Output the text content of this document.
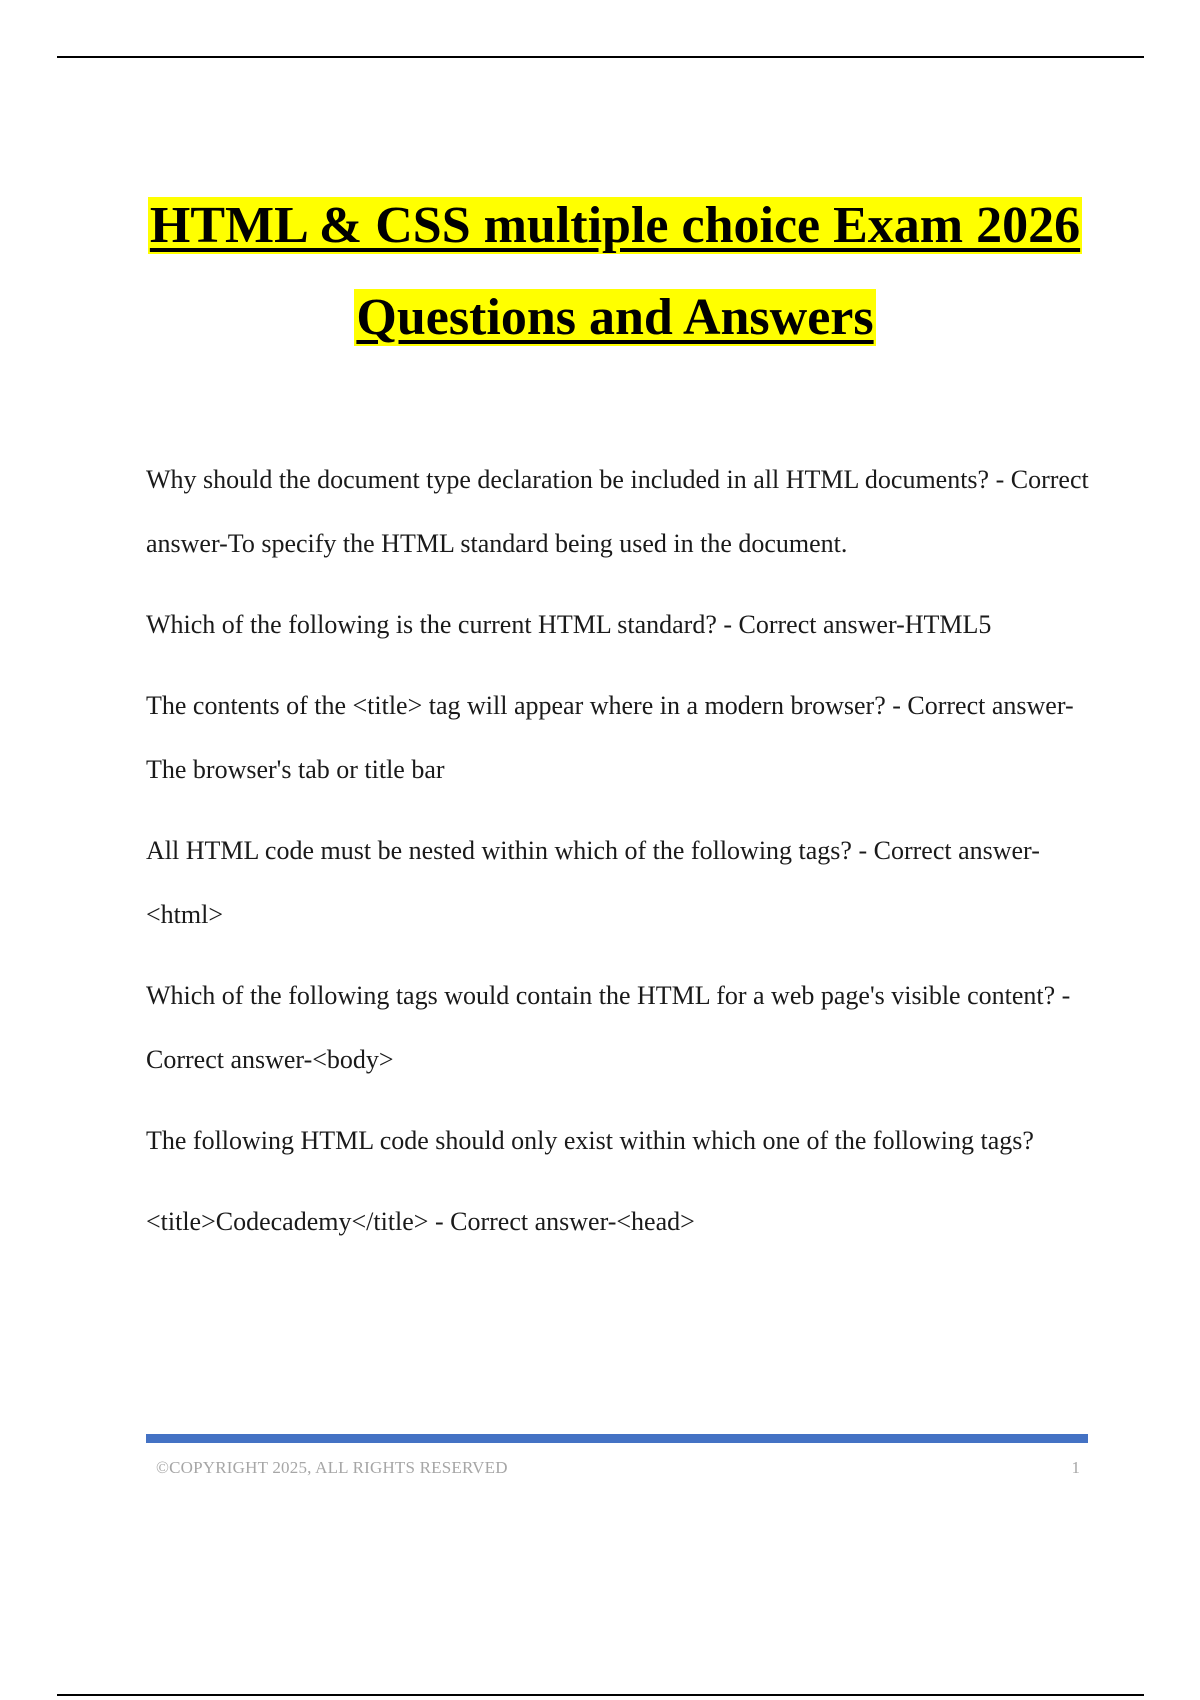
HTML & CSS multiple choice Exam 2026
Questions and Answers

Why should the document type declaration be included in all HTML documents? - Correct answer-To specify the HTML standard being used in the document.

Which of the following is the current HTML standard? - Correct answer-HTML5

The contents of the <title> tag will appear where in a modern browser? - Correct answer-The browser's tab or title bar

All HTML code must be nested within which of the following tags? - Correct answer-<html>

Which of the following tags would contain the HTML for a web page's visible content? - Correct answer-<body>

The following HTML code should only exist within which one of the following tags?

<title>Codecademy</title> - Correct answer-<head>

©COPYRIGHT 2025, ALL RIGHTS RESERVED	1
